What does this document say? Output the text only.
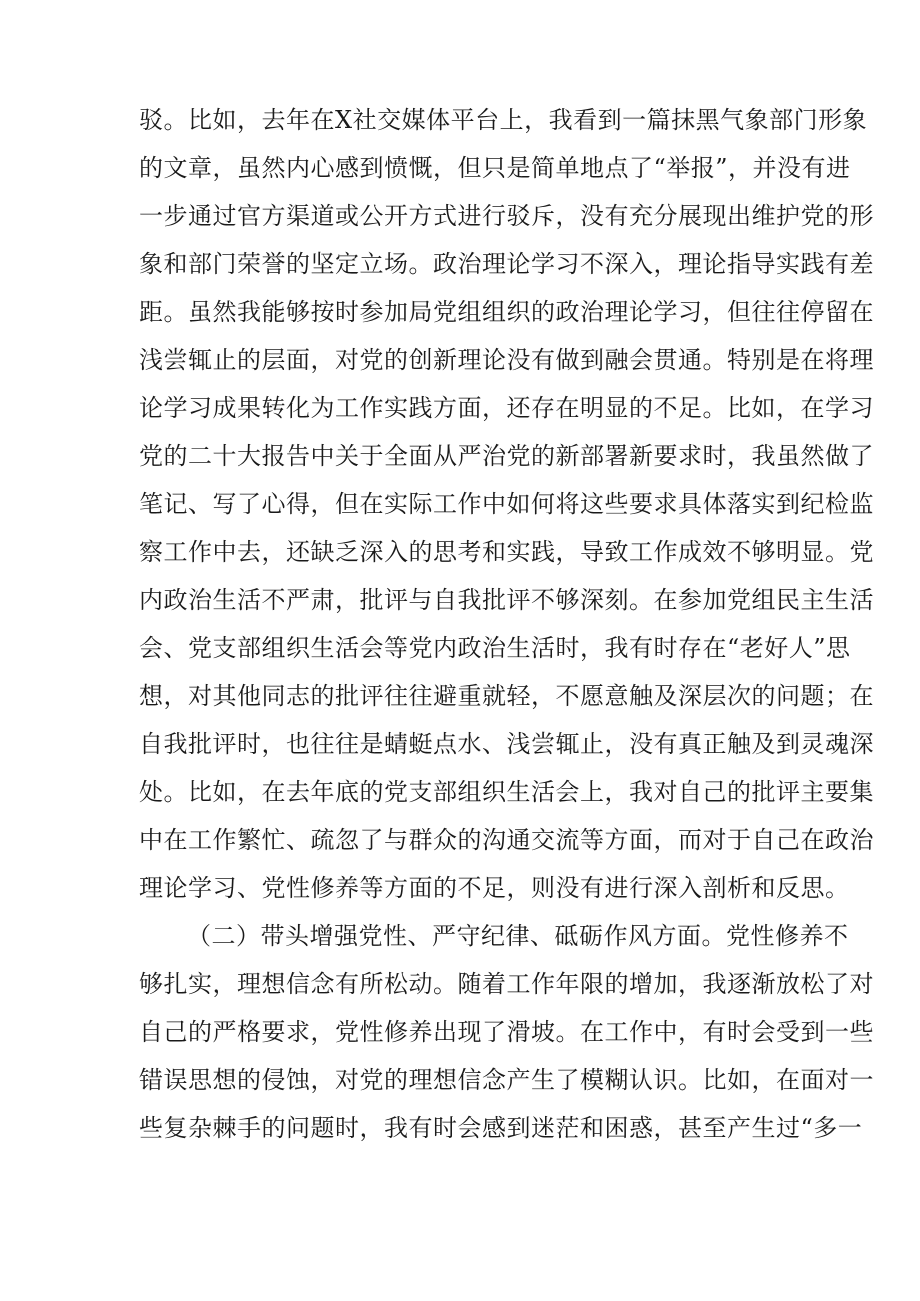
驳。比如，去年在X社交媒体平台上，我看到一篇抹黑气象部门形象
的文章，虽然内心感到愤慨，但只是简单地点了“举报”，并没有进
一步通过官方渠道或公开方式进行驳斥，没有充分展现出维护党的形
象和部门荣誉的坚定立场。政治理论学习不深入，理论指导实践有差
距。虽然我能够按时参加局党组组织的政治理论学习，但往往停留在
浅尝辄止的层面，对党的创新理论没有做到融会贯通。特别是在将理
论学习成果转化为工作实践方面，还存在明显的不足。比如，在学习
党的二十大报告中关于全面从严治党的新部署新要求时，我虽然做了
笔记、写了心得，但在实际工作中如何将这些要求具体落实到纪检监
察工作中去，还缺乏深入的思考和实践，导致工作成效不够明显。党
内政治生活不严肃，批评与自我批评不够深刻。在参加党组民主生活
会、党支部组织生活会等党内政治生活时，我有时存在“老好人”思
想，对其他同志的批评往往避重就轻，不愿意触及深层次的问题；在
自我批评时，也往往是蜻蜓点水、浅尝辄止，没有真正触及到灵魂深
处。比如，在去年底的党支部组织生活会上，我对自己的批评主要集
中在工作繁忙、疏忽了与群众的沟通交流等方面，而对于自己在政治
理论学习、党性修养等方面的不足，则没有进行深入剖析和反思。
（二）带头增强党性、严守纪律、砥砺作风方面。党性修养不
够扎实，理想信念有所松动。随着工作年限的增加，我逐渐放松了对
自己的严格要求，党性修养出现了滑坡。在工作中，有时会受到一些
错误思想的侵蚀，对党的理想信念产生了模糊认识。比如，在面对一
些复杂棘手的问题时，我有时会感到迷茫和困惑，甚至产生过“多一
